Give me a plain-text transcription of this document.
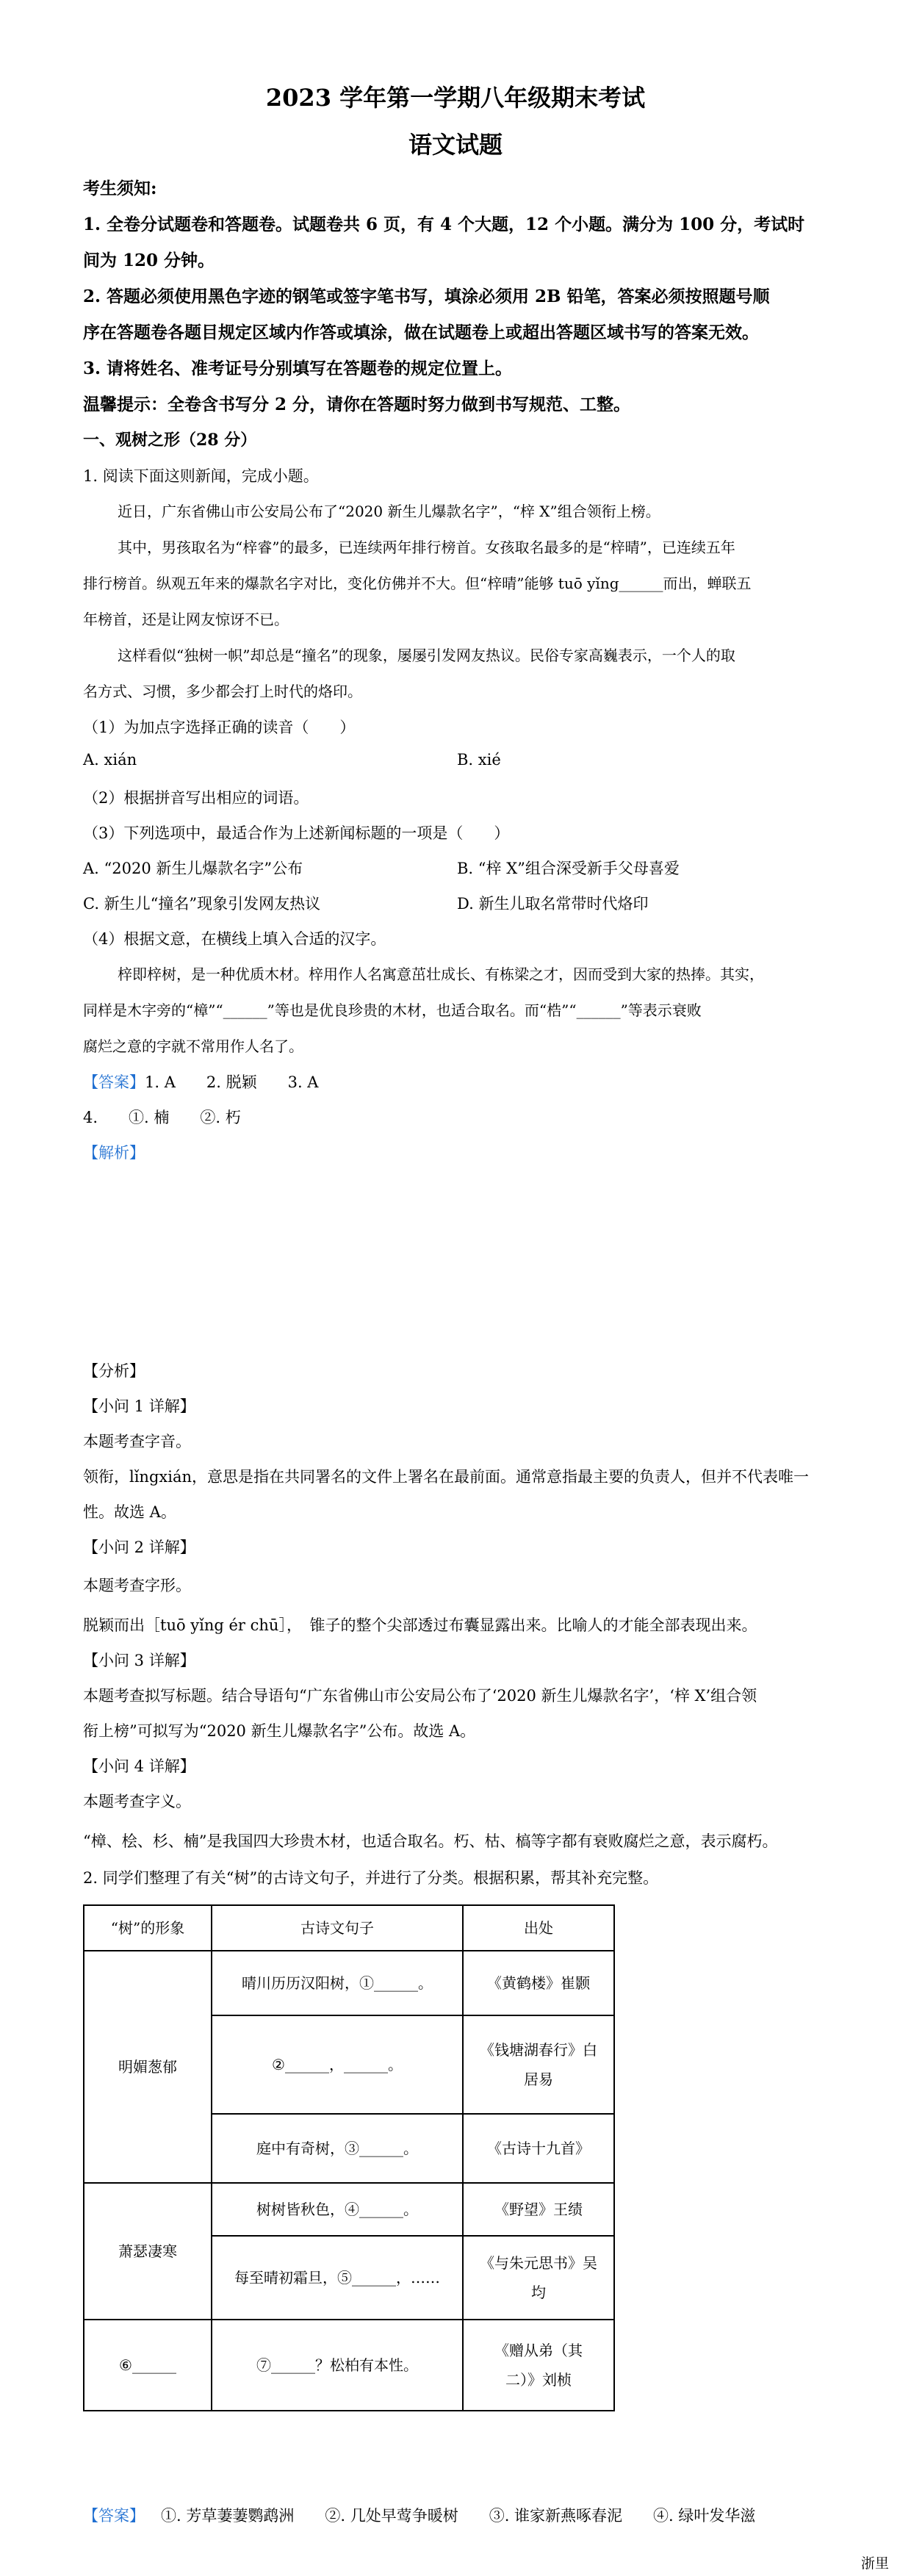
2023 学年第一学期八年级期末考试
语文试题
考生须知:
1. 全卷分试题卷和答题卷。试题卷共 6 页，有 4 个大题，12 个小题。满分为 100 分，考试时
间为 120 分钟。
2. 答题必须使用黑色字迹的钢笔或签字笔书写，填涂必须用 2B 铅笔，答案必须按照题号顺
序在答题卷各题目规定区域内作答或填涂，做在试题卷上或超出答题区域书写的答案无效。
3. 请将姓名、准考证号分别填写在答题卷的规定位置上。
温馨提示：全卷含书写分 2 分，请你在答题时努力做到书写规范、工整。
一、观树之形（28 分）
1. 阅读下面这则新闻，完成小题。
近日，广东省佛山市公安局公布了“2020 新生儿爆款名字”，“梓 X”组合领衔上榜。
其中，男孩取名为“梓睿”的最多，已连续两年排行榜首。女孩取名最多的是“梓晴”，已连续五年
排行榜首。纵观五年来的爆款名字对比，变化仿佛并不大。但“梓晴”能够 tuō yǐng______而出，蝉联五
年榜首，还是让网友惊讶不已。
这样看似“独树一帜”却总是“撞名”的现象，屡屡引发网友热议。民俗专家高巍表示，一个人的取
名方式、习惯，多少都会打上时代的烙印。
（1）为加点字选择正确的读音（　　）
A. xián	B. xié
（2）根据拼音写出相应的词语。
（3）下列选项中，最适合作为上述新闻标题的一项是（　　）
A. “2020 新生儿爆款名字”公布	B. “梓 X”组合深受新手父母喜爱
C. 新生儿“撞名”现象引发网友热议	D. 新生儿取名常带时代烙印
（4）根据文意，在横线上填入合适的汉字。
梓即梓树，是一种优质木材。梓用作人名寓意茁壮成长、有栋梁之才，因而受到大家的热捧。其实，
同样是木字旁的“樟”“______”等也是优良珍贵的木材，也适合取名。而“梏”“______”等表示衰败
腐烂之意的字就不常用作人名了。
【答案】1. A　　2. 脱颖　　3. A
4.　　①. 楠　　②. 朽
【解析】
【分析】
【小问 1 详解】
本题考查字音。
领衔，lǐngxián，意思是指在共同署名的文件上署名在最前面。通常意指最主要的负责人，但并不代表唯一
性。故选 A。
【小问 2 详解】
本题考查字形。
脱颖而出［tuō yǐng ér chū］，　锥子的整个尖部透过布囊显露出来。比喻人的才能全部表现出来。
【小问 3 详解】
本题考查拟写标题。结合导语句“广东省佛山市公安局公布了‘2020 新生儿爆款名字’，‘梓 X’组合领
衔上榜”可拟写为“2020 新生儿爆款名字”公布。故选 A。
【小问 4 详解】
本题考查字义。
“樟、桧、杉、楠”是我国四大珍贵木材，也适合取名。朽、枯、槁等字都有衰败腐烂之意，表示腐朽。
2. 同学们整理了有关“树”的古诗文句子，并进行了分类。根据积累，帮其补充完整。
“树”的形象	古诗文句子	出处
明媚葱郁	晴川历历汉阳树，①______。	《黄鹤楼》崔颢
	②______，______。	《钱塘湖春行》白
居易

	庭中有奇树，③______。	《古诗十九首》
萧瑟凄寒	树树皆秋色，④______。	《野望》王绩
	每至晴初霜旦，⑤______，……	《与朱元思书》吴
均

⑥______	⑦______？松柏有本性。	《赠从弟（其
二）》刘桢
【答案】 ①. 芳草萋萋鹦鹉洲　　②. 几处早莺争暖树　　③. 谁家新燕啄春泥　　④. 绿叶发华滋
浙里
